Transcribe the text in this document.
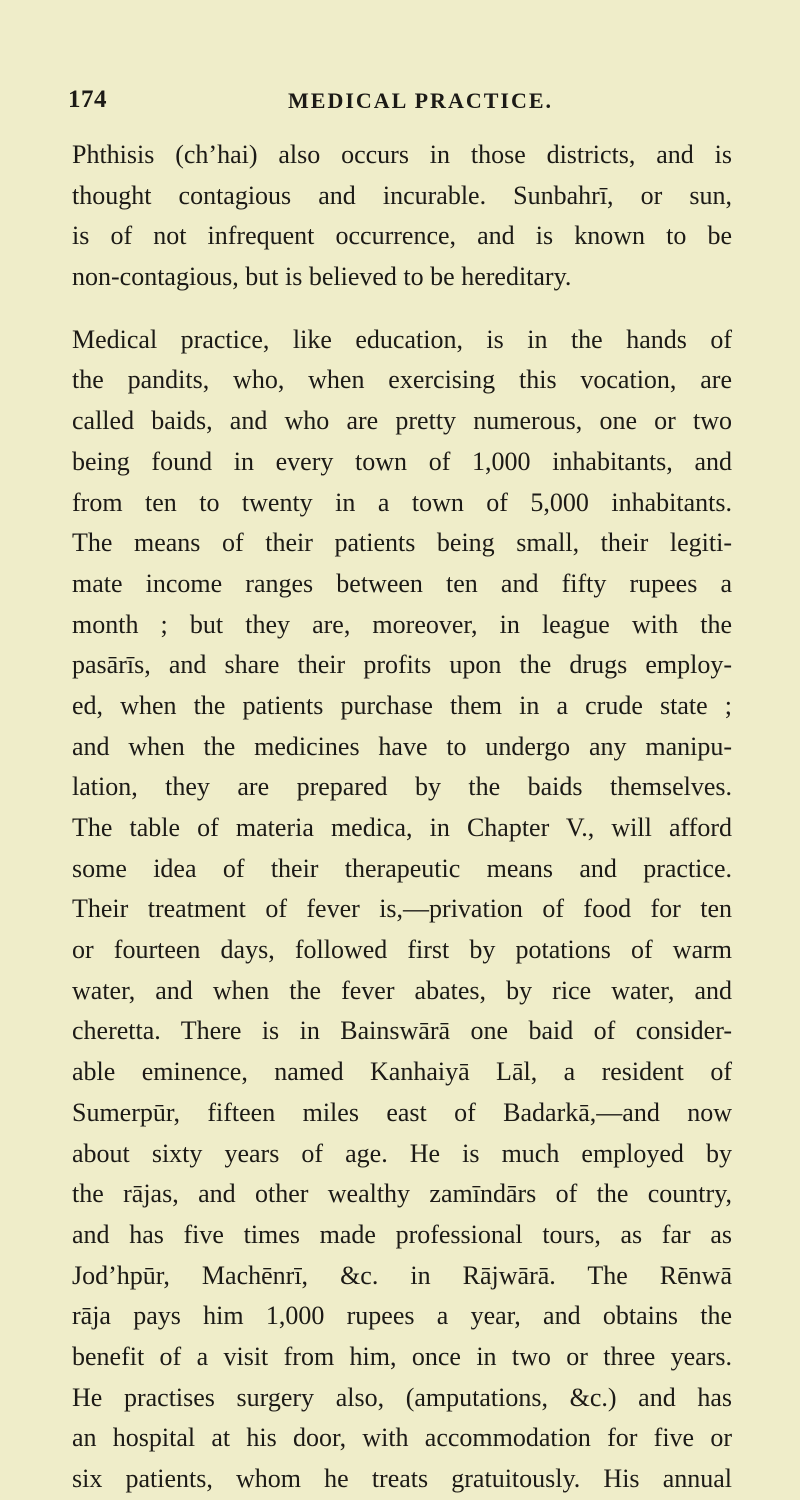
174	MEDICAL PRACTICE.

Phthisis (ch’hai) also occurs in those districts, and is
thought contagious and incurable. Sunbahrī, or sun,
is of not infrequent occurrence, and is known to be
non-contagious, but is believed to be hereditary.

Medical practice, like education, is in the hands of
the pandits, who, when exercising this vocation, are
called baids, and who are pretty numerous, one or two
being found in every town of 1,000 inhabitants, and
from ten to twenty in a town of 5,000 inhabitants.
The means of their patients being small, their legiti-
mate income ranges between ten and fifty rupees a
month ; but they are, moreover, in league with the
pasārīs, and share their profits upon the drugs employ-
ed, when the patients purchase them in a crude state ;
and when the medicines have to undergo any manipu-
lation, they are prepared by the baids themselves.
The table of materia medica, in Chapter V., will afford
some idea of their therapeutic means and practice.
Their treatment of fever is,—privation of food for ten
or fourteen days, followed first by potations of warm
water, and when the fever abates, by rice water, and
cheretta. There is in Bainswārā one baid of consider-
able eminence, named Kanhaiyā Lāl, a resident of
Sumerpūr, fifteen miles east of Badarkā,—and now
about sixty years of age. He is much employed by
the rājas, and other wealthy zamīndārs of the country,
and has five times made professional tours, as far as
Jod’hpūr, Machēnrī, &c. in Rājwārā. The Rēnwā
rāja pays him 1,000 rupees a year, and obtains the
benefit of a visit from him, once in two or three years.
He practises surgery also, (amputations, &c.) and has
an hospital at his door, with accommodation for five or
six patients, whom he treats gratuitously. His annual
